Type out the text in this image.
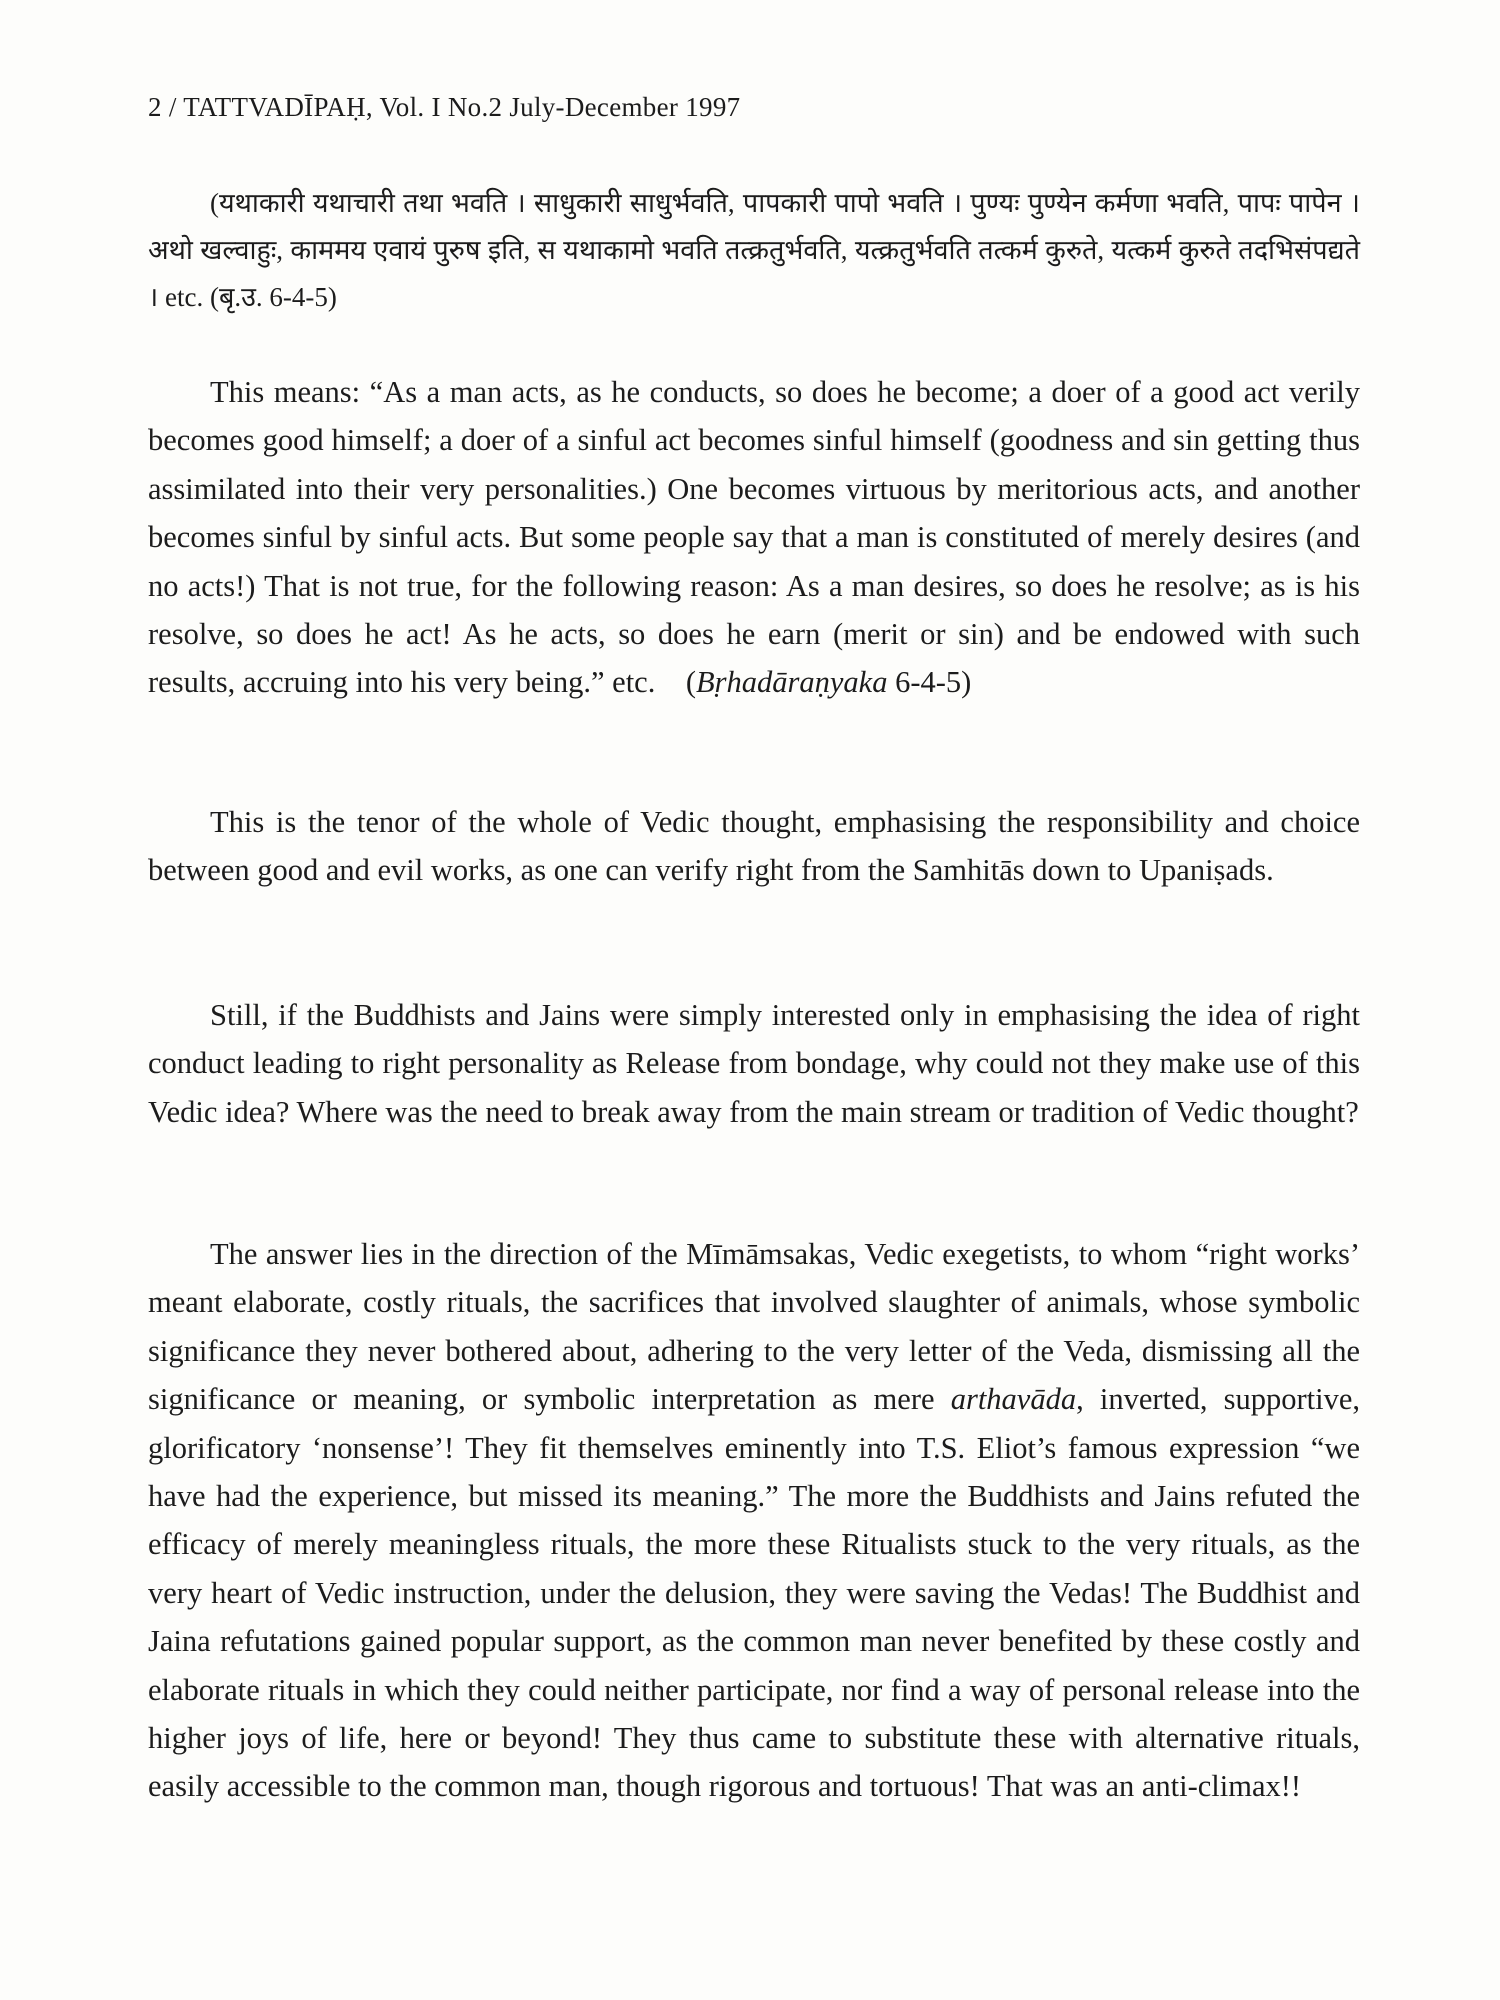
2 / TATTVADĪPAḤ, Vol. I No.2 July-December 1997
(यथाकारी यथाचारी तथा भवति । साधुकारी साधुर्भवति, पापकारी पापो भवति । पुण्यः पुण्येन कर्मणा भवति, पापः पापेन । अथो खल्वाहुः, काममय एवायं पुरुष इति, स यथाकामो भवति तत्क्रतुर्भवति, यत्क्रतुर्भवति तत्कर्म कुरुते, यत्कर्म कुरुते तदभिसंपद्यते । etc. (बृ.उ. 6-4-5)
This means: “As a man acts, as he conducts, so does he become; a doer of a good act verily becomes good himself; a doer of a sinful act becomes sinful himself (goodness and sin getting thus assimilated into their very personalities.) One becomes virtuous by meritorious acts, and another becomes sinful by sinful acts. But some people say that a man is constituted of merely desires (and no acts!) That is not true, for the following reason: As a man desires, so does he resolve; as is his resolve, so does he act! As he acts, so does he earn (merit or sin) and be endowed with such results, accruing into his very being.” etc. (Bṛhadāraṇyaka 6-4-5)
This is the tenor of the whole of Vedic thought, emphasising the responsibility and choice between good and evil works, as one can verify right from the Samhitās down to Upaniṣads.
Still, if the Buddhists and Jains were simply interested only in emphasising the idea of right conduct leading to right personality as Release from bondage, why could not they make use of this Vedic idea? Where was the need to break away from the main stream or tradition of Vedic thought?
The answer lies in the direction of the Mīmāmsakas, Vedic exegetists, to whom “right works’ meant elaborate, costly rituals, the sacrifices that involved slaughter of animals, whose symbolic significance they never bothered about, adhering to the very letter of the Veda, dismissing all the significance or meaning, or symbolic interpretation as mere arthavāda, inverted, supportive, glorificatory ‘nonsense’! They fit themselves eminently into T.S. Eliot’s famous expression “we have had the experience, but missed its meaning.” The more the Buddhists and Jains refuted the efficacy of merely meaningless rituals, the more these Ritualists stuck to the very rituals, as the very heart of Vedic instruction, under the delusion, they were saving the Vedas! The Buddhist and Jaina refutations gained popular support, as the common man never benefited by these costly and elaborate rituals in which they could neither participate, nor find a way of personal release into the higher joys of life, here or beyond! They thus came to substitute these with alternative rituals, easily accessible to the common man, though rigorous and tortuous! That was an anti-climax!!
